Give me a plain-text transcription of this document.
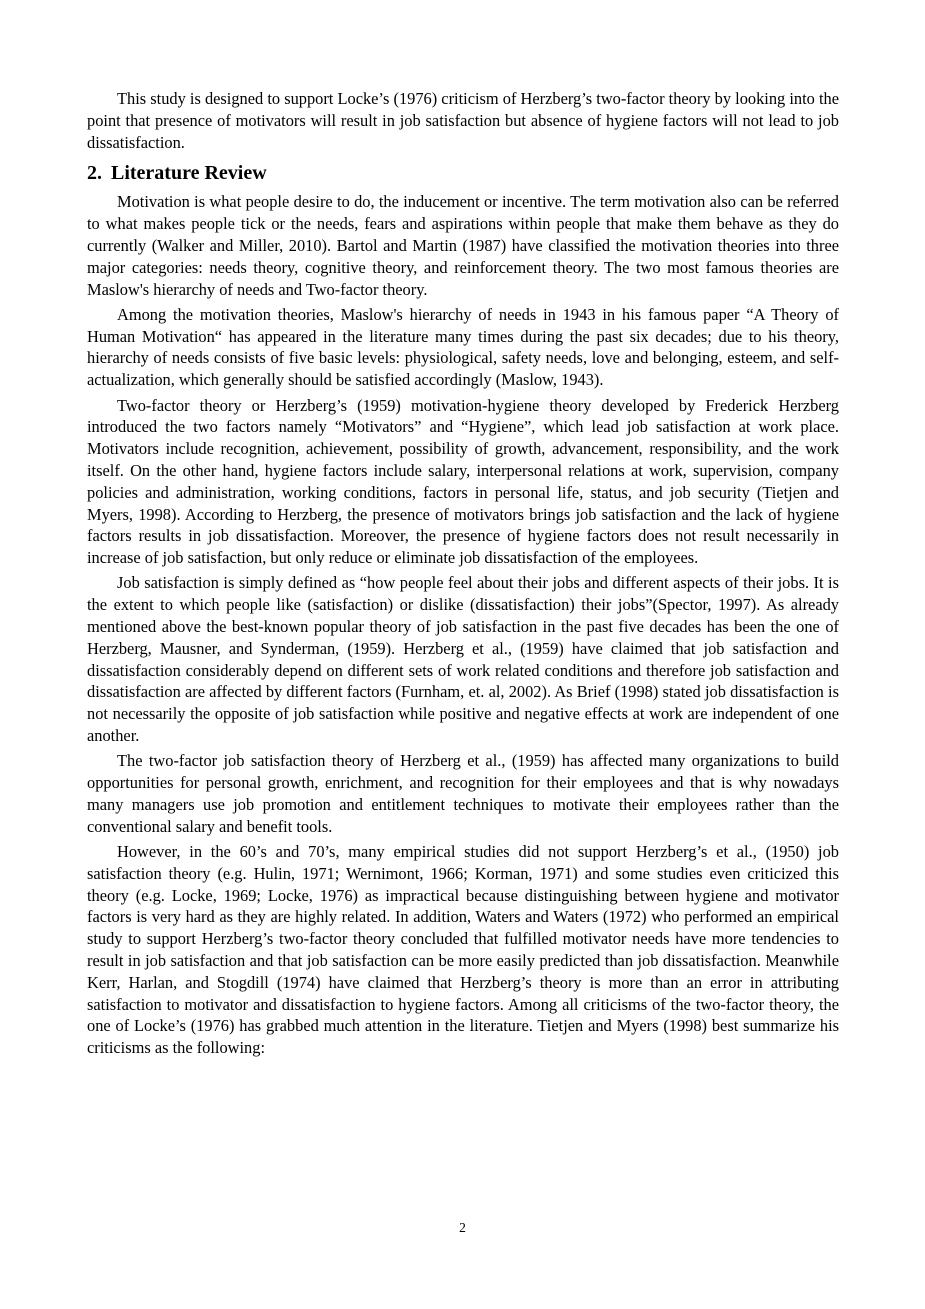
This study is designed to support Locke’s (1976) criticism of Herzberg’s two-factor theory by looking into the point that presence of motivators will result in job satisfaction but absence of hygiene factors will not lead to job dissatisfaction.

2. Literature Review

Motivation is what people desire to do, the inducement or incentive. The term motivation also can be referred to what makes people tick or the needs, fears and aspirations within people that make them behave as they do currently (Walker and Miller, 2010). Bartol and Martin (1987) have classified the motivation theories into three major categories: needs theory, cognitive theory, and reinforcement theory. The two most famous theories are Maslow's hierarchy of needs and Two-factor theory.

Among the motivation theories, Maslow's hierarchy of needs in 1943 in his famous paper “A Theory of Human Motivation“ has appeared in the literature many times during the past six decades; due to his theory, hierarchy of needs consists of five basic levels: physiological, safety needs, love and belonging, esteem, and self-actualization, which generally should be satisfied accordingly (Maslow, 1943).

Two-factor theory or Herzberg’s (1959) motivation-hygiene theory developed by Frederick Herzberg introduced the two factors namely “Motivators” and “Hygiene”, which lead job satisfaction at work place. Motivators include recognition, achievement, possibility of growth, advancement, responsibility, and the work itself. On the other hand, hygiene factors include salary, interpersonal relations at work, supervision, company policies and administration, working conditions, factors in personal life, status, and job security (Tietjen and Myers, 1998). According to Herzberg, the presence of motivators brings job satisfaction and the lack of hygiene factors results in job dissatisfaction. Moreover, the presence of hygiene factors does not result necessarily in increase of job satisfaction, but only reduce or eliminate job dissatisfaction of the employees.

Job satisfaction is simply defined as “how people feel about their jobs and different aspects of their jobs. It is the extent to which people like (satisfaction) or dislike (dissatisfaction) their jobs”(Spector, 1997). As already mentioned above the best-known popular theory of job satisfaction in the past five decades has been the one of Herzberg, Mausner, and Synderman, (1959). Herzberg et al., (1959) have claimed that job satisfaction and dissatisfaction considerably depend on different sets of work related conditions and therefore job satisfaction and dissatisfaction are affected by different factors (Furnham, et. al, 2002). As Brief (1998) stated job dissatisfaction is not necessarily the opposite of job satisfaction while positive and negative effects at work are independent of one another.

The two-factor job satisfaction theory of Herzberg et al., (1959) has affected many organizations to build opportunities for personal growth, enrichment, and recognition for their employees and that is why nowadays many managers use job promotion and entitlement techniques to motivate their employees rather than the conventional salary and benefit tools.

However, in the 60’s and 70’s, many empirical studies did not support Herzberg’s et al., (1950) job satisfaction theory (e.g. Hulin, 1971; Wernimont, 1966; Korman, 1971) and some studies even criticized this theory (e.g. Locke, 1969; Locke, 1976) as impractical because distinguishing between hygiene and motivator factors is very hard as they are highly related. In addition, Waters and Waters (1972) who performed an empirical study to support Herzberg’s two-factor theory concluded that fulfilled motivator needs have more tendencies to result in job satisfaction and that job satisfaction can be more easily predicted than job dissatisfaction. Meanwhile Kerr, Harlan, and Stogdill (1974) have claimed that Herzberg’s theory is more than an error in attributing satisfaction to motivator and dissatisfaction to hygiene factors. Among all criticisms of the two-factor theory, the one of Locke’s (1976) has grabbed much attention in the literature. Tietjen and Myers (1998) best summarize his criticisms as the following:

2
